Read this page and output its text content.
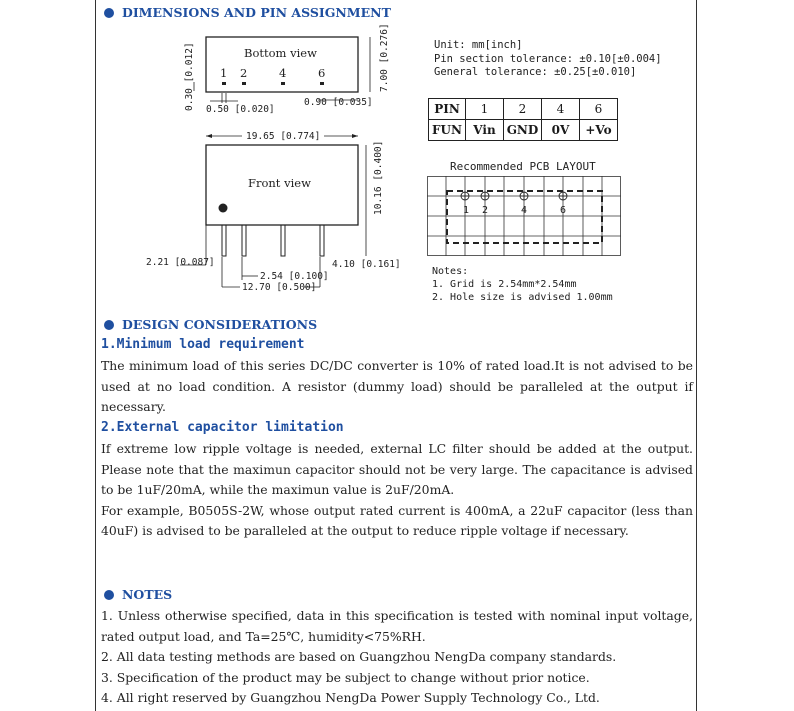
DIMENSIONS AND PIN ASSIGNMENT
Bottom view
1 2	4	6
0.30 [0.012] 0.50 [0.020]
0.90 [0.035]
7.00 [0.276]
19.65 [0.774]
Front view	10.16 [0.400]
4.10 [0.161]
2.21 [0.087]
2.54 [0.100]
12.70 [0.500]
Unit: mm[inch]
Pin section tolerance: ±0.10[±0.004]
General tolerance: ±0.25[±0.010]
PIN	1	2	4	6
FUN	Vin	GND	0V	+Vo
Recommended PCB LAYOUT
1 2	4	6
Notes:
1. Grid is 2.54mm*2.54mm
2. Hole size is advised 1.00mm
DESIGN CONSIDERATIONS
1.Minimum load requirement

The minimum load of this series DC/DC converter is 10% of rated load.It is not advised to be used at no load condition. A resistor (dummy load) should be paralleled at the output if necessary.

2.External capacitor limitation

If extreme low ripple voltage is needed, external LC filter should be added at the output. Please note that the maximun capacitor should not be very large. The capacitance is advised to be 1uF/20mA, while the maximun value is 2uF/20mA.

For example, B0505S-2W, whose output rated current is 400mA, a 22uF capacitor (less than 40uF) is advised to be paralleled at the output to reduce ripple voltage if necessary.

NOTES

1. Unless otherwise specified, data in this specification is tested with nominal input voltage, rated output load, and Ta=25℃, humidity<75%RH.

2. All data testing methods are based on Guangzhou NengDa company standards.

3. Specification of the product may be subject to change without prior notice.

4. All right reserved by Guangzhou NengDa Power Supply Technology Co., Ltd.
